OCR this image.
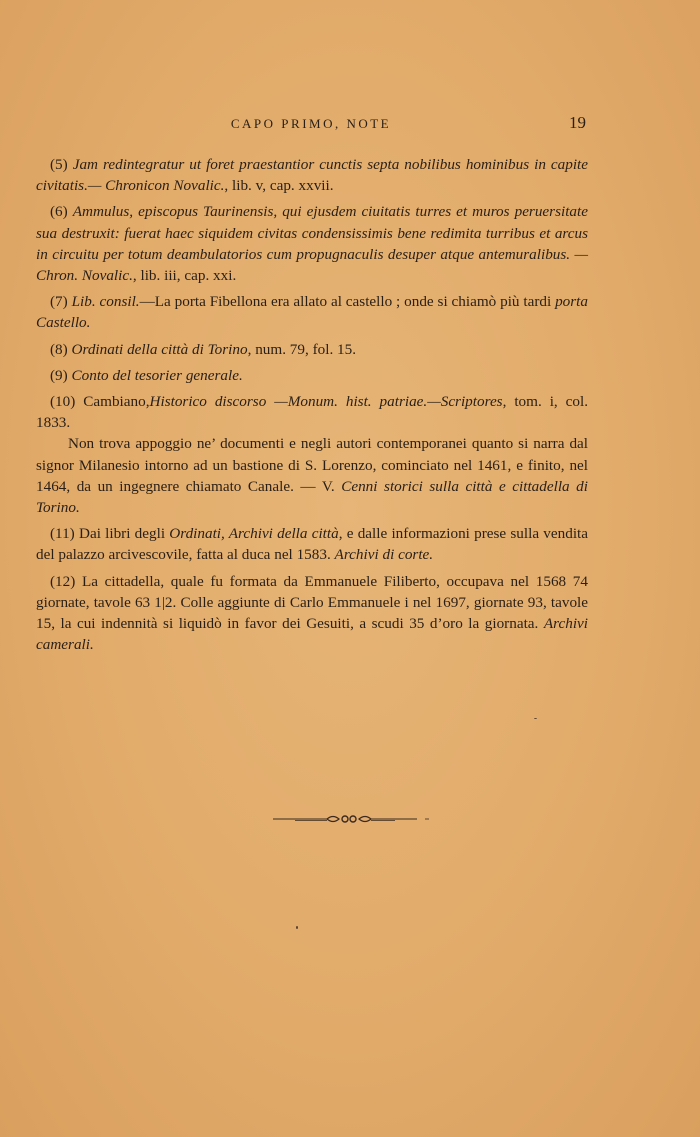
CAPO PRIMO, NOTE	19

(5) Jam redintegratur ut foret praestantior cunctis septa nobilibus hominibus in capite civitatis.— Chronicon Novalic., lib. v, cap. xxvii.

(6) Ammulus, episcopus Taurinensis, qui ejusdem ciuitatis turres et muros peruersitate sua destruxit: fuerat haec siquidem civitas condensissimis bene redimita turribus et arcus in circuitu per totum deambulatorios cum propugnaculis desuper atque antemuralibus. — Chron. Novalic., lib. iii, cap. xxi.

(7) Lib. consil.—La porta Fibellona era allato al castello ; onde si chiamò più tardi porta Castello.

(8) Ordinati della città di Torino, num. 79, fol. 15.

(9) Conto del tesorier generale.

(10) Cambiano,Historico discorso —Monum. hist. patriae.—Scriptores, tom. i, col. 1833.

Non trova appoggio ne’ documenti e negli autori contemporanei quanto si narra dal signor Milanesio intorno ad un bastione di S. Lorenzo, cominciato nel 1461, e finito, nel 1464, da un ingegnere chiamato Canale. — V. Cenni storici sulla città e cittadella di Torino.

(11) Dai libri degli Ordinati, Archivi della città, e dalle informazioni prese sulla vendita del palazzo arcivescovile, fatta al duca nel 1583. Archivi di corte.

(12) La cittadella, quale fu formata da Emmanuele Filiberto, occupava nel 1568 74 giornate, tavole 63 1|2. Colle aggiunte di Carlo Emmanuele i nel 1697, giornate 93, tavole 15, la cui indennità si liquidò in favor dei Gesuiti, a scudi 35 d’oro la giornata. Archivi camerali.
